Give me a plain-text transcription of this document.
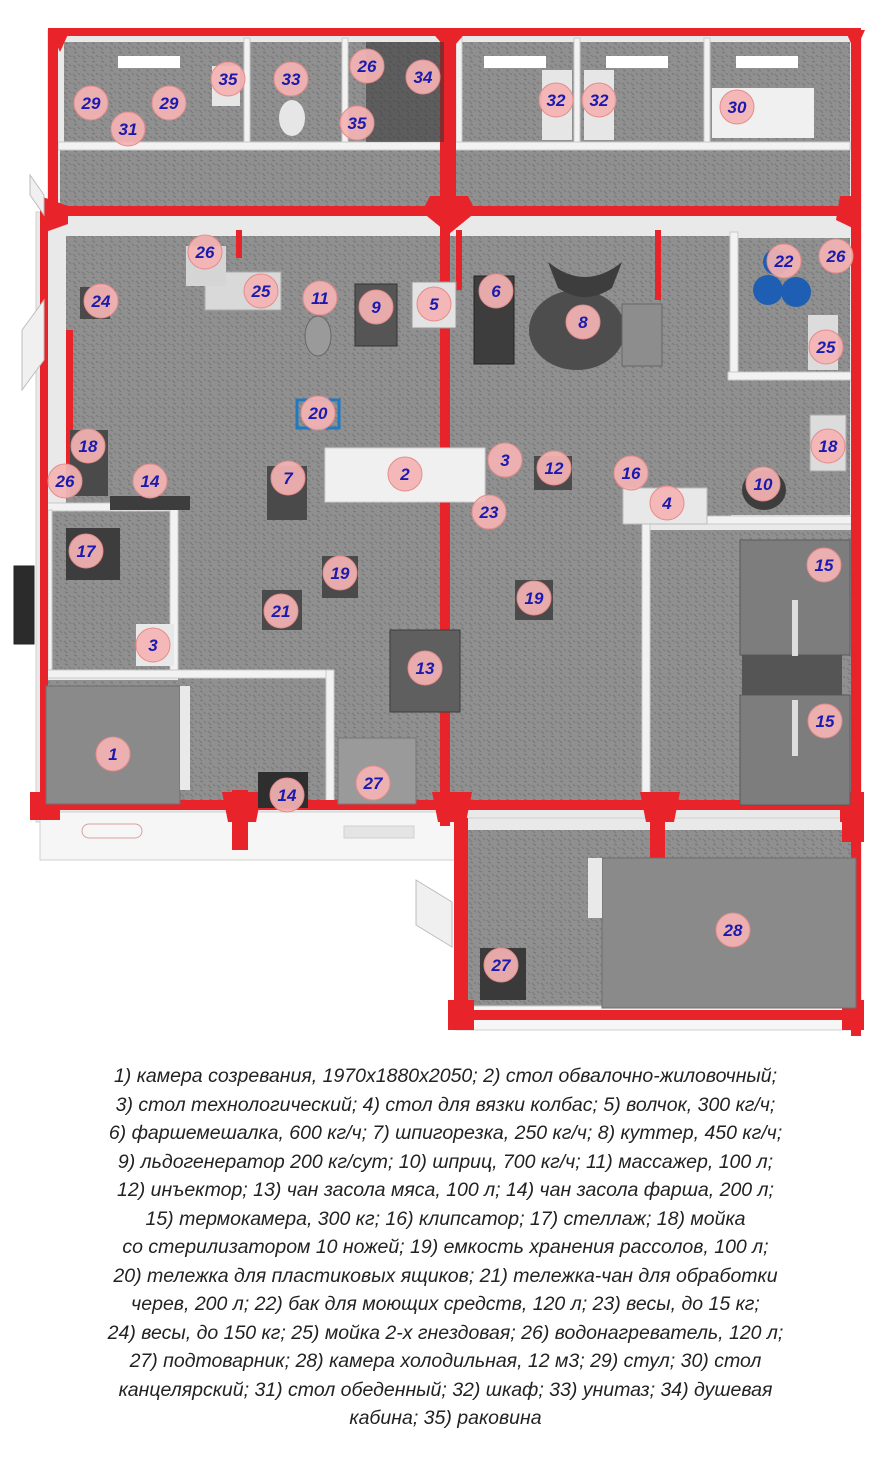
29	29
31
35	33
26
34
35
32 32	30
26
25
24	11 9	5
6
8
22 26
25
20
18	18
26	14	7	2
3 12	16
4
10
23
17
15
19
19
21
3
13
15
1
27
14
28
27
1) камера созревания, 1970х1880х2050; 2) стол обвалочно-жиловочный;
3) стол технологический; 4) стол для вязки колбас; 5) волчок, 300 кг/ч;
6) фаршемешалка, 600 кг/ч; 7) шпигорезка, 250 кг/ч; 8) куттер, 450 кг/ч;
9) льдогенератор 200 кг/сут; 10) шприц, 700 кг/ч; 11) массажер, 100 л;
12) инъектор; 13) чан засола мяса, 100 л; 14) чан засола фарша, 200 л;
15) термокамера, 300 кг; 16) клипсатор; 17) стеллаж; 18) мойка
со стерилизатором 10 ножей; 19) емкость хранения рассолов, 100 л;
20) тележка для пластиковых ящиков; 21) тележка-чан для обработки
черев, 200 л; 22) бак для моющих средств, 120 л; 23) весы, до 15 кг;
24) весы, до 150 кг; 25) мойка 2-х гнездовая; 26) водонагреватель, 120 л;
27) подтоварник; 28) камера холодильная, 12 м3; 29) стул; 30) стол
канцелярский; 31) стол обеденный; 32) шкаф; 33) унитаз; 34) душевая
кабина; 35) раковина
